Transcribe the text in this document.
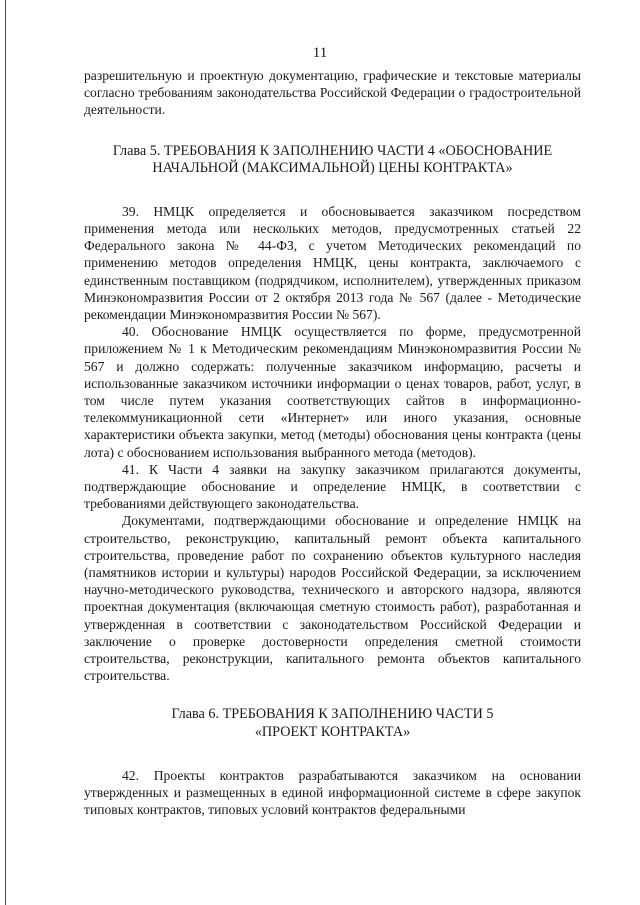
11

разрешительную и проектную документацию, графические и текстовые материалы согласно требованиям законодательства Российской Федерации о градостроительной деятельности.

Глава 5. ТРЕБОВАНИЯ К ЗАПОЛНЕНИЮ ЧАСТИ 4 «ОБОСНОВАНИЕ
НАЧАЛЬНОЙ (МАКСИМАЛЬНОЙ) ЦЕНЫ КОНТРАКТА»

39. НМЦК определяется и обосновывается заказчиком посредством применения метода или нескольких методов, предусмотренных статьей 22 Федерального закона № 44-ФЗ, с учетом Методических рекомендаций по применению методов определения НМЦК, цены контракта, заключаемого с единственным поставщиком (подрядчиком, исполнителем), утвержденных приказом Минэкономразвития России от 2 октября 2013 года № 567 (далее - Методические рекомендации Минэкономразвития России № 567).

40. Обоснование НМЦК осуществляется по форме, предусмотренной приложением № 1 к Методическим рекомендациям Минэкономразвития России № 567 и должно содержать: полученные заказчиком информацию, расчеты и использованные заказчиком источники информации о ценах товаров, работ, услуг, в том числе путем указания соответствующих сайтов в информационно-телекоммуникационной сети «Интернет» или иного указания, основные характеристики объекта закупки, метод (методы) обоснования цены контракта (цены лота) с обоснованием использования выбранного метода (методов).

41. К Части 4 заявки на закупку заказчиком прилагаются документы, подтверждающие обоснование и определение НМЦК, в соответствии с требованиями действующего законодательства.

Документами, подтверждающими обоснование и определение НМЦК на строительство, реконструкцию, капитальный ремонт объекта капитального строительства, проведение работ по сохранению объектов культурного наследия (памятников истории и культуры) народов Российской Федерации, за исключением научно-методического руководства, технического и авторского надзора, являются проектная документация (включающая сметную стоимость работ), разработанная и утвержденная в соответствии с законодательством Российской Федерации и заключение о проверке достоверности определения сметной стоимости строительства, реконструкции, капитального ремонта объектов капитального строительства.

Глава 6. ТРЕБОВАНИЯ К ЗАПОЛНЕНИЮ ЧАСТИ 5
«ПРОЕКТ КОНТРАКТА»

42. Проекты контрактов разрабатываются заказчиком на основании утвержденных и размещенных в единой информационной системе в сфере закупок типовых контрактов, типовых условий контрактов федеральными
